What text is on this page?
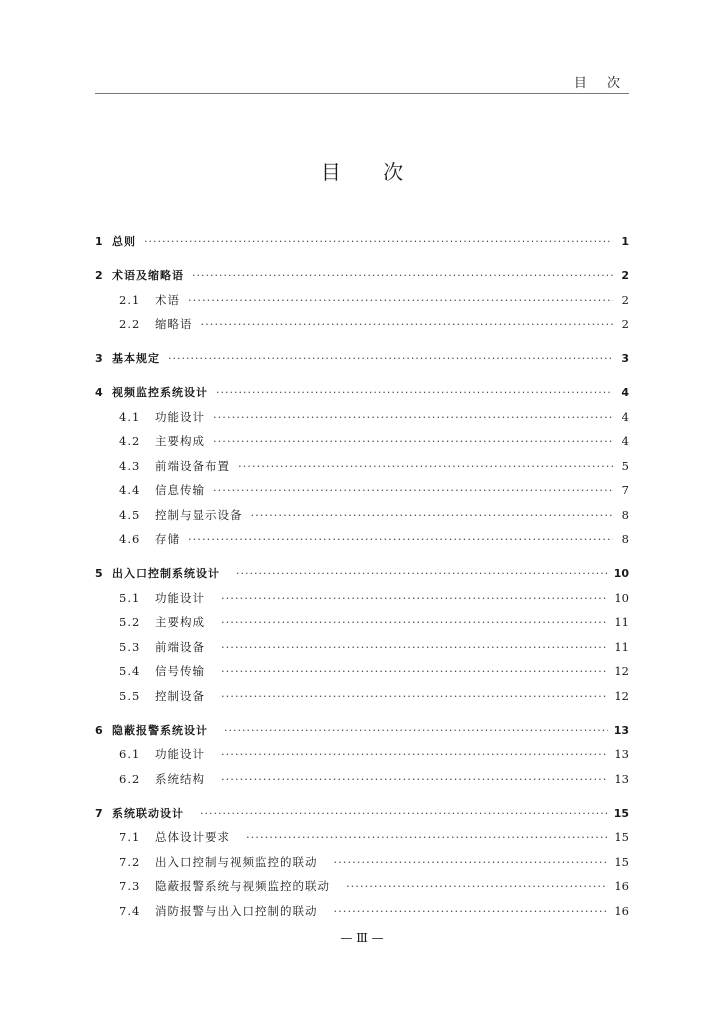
目 次
目 次
1 总则 ·····	1
2 术语及缩略语 ·····	2
2.1	术语 ·····	2
2.2	缩略语 ·····	2
3 基本规定 ·····	3
4 视频监控系统设计 ·····	4
4.1	功能设计 ·····	4
4.2	主要构成 ·····	4
4.3	前端设备布置 ·····	5
4.4	信息传输 ·····	7
4.5	控制与显示设备 ·····	8
4.6	存储 ·····	8
5 出入口控制系统设计 ·····	10
5.1	功能设计 ·····	10
5.2	主要构成 ·····	11
5.3	前端设备 ·····	11
5.4	信号传输 ·····	12
5.5	控制设备 ·····	12
6 隐蔽报警系统设计 ·····	13
6.1	功能设计 ·····	13
6.2	系统结构 ·····	13
7 系统联动设计 ·····	15
7.1	总体设计要求 ·····	15
7.2	出入口控制与视频监控的联动 ·····	15
7.3	隐蔽报警系统与视频监控的联动 ·····	16
7.4	消防报警与出入口控制的联动 ·····	16
— Ⅲ —
